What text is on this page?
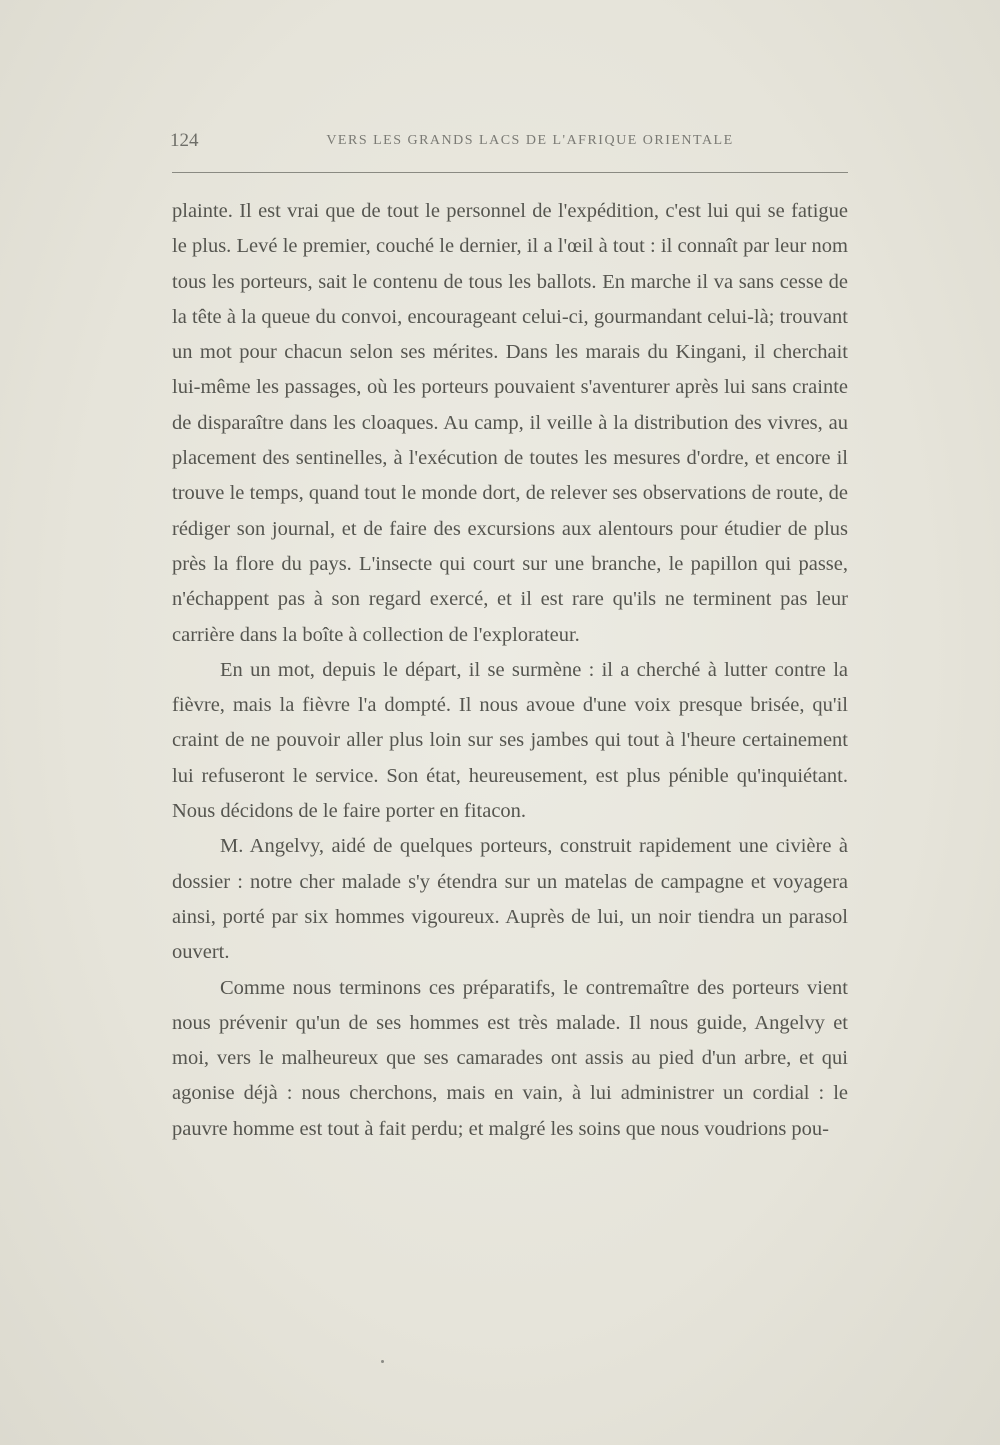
124	VERS LES GRANDS LACS DE L'AFRIQUE ORIENTALE

plainte. Il est vrai que de tout le personnel de l'expédition, c'est lui qui se fatigue le plus. Levé le premier, couché le dernier, il a l'œil à tout : il connaît par leur nom tous les porteurs, sait le contenu de tous les ballots. En marche il va sans cesse de la tête à la queue du convoi, encourageant celui-ci, gourmandant celui-là; trouvant un mot pour chacun selon ses mérites. Dans les marais du Kingani, il cherchait lui-même les passages, où les porteurs pouvaient s'aventurer après lui sans crainte de disparaître dans les cloaques. Au camp, il veille à la distribution des vivres, au placement des sentinelles, à l'exécution de toutes les mesures d'ordre, et encore il trouve le temps, quand tout le monde dort, de relever ses observations de route, de rédiger son journal, et de faire des excursions aux alentours pour étudier de plus près la flore du pays. L'insecte qui court sur une branche, le papillon qui passe, n'échappent pas à son regard exercé, et il est rare qu'ils ne terminent pas leur carrière dans la boîte à collection de l'explorateur.

En un mot, depuis le départ, il se surmène : il a cherché à lutter contre la fièvre, mais la fièvre l'a dompté. Il nous avoue d'une voix presque brisée, qu'il craint de ne pouvoir aller plus loin sur ses jambes qui tout à l'heure certainement lui refuseront le service. Son état, heureusement, est plus pénible qu'inquiétant. Nous décidons de le faire porter en fitacon.

M. Angelvy, aidé de quelques porteurs, construit rapidement une civière à dossier : notre cher malade s'y étendra sur un matelas de campagne et voyagera ainsi, porté par six hommes vigoureux. Auprès de lui, un noir tiendra un parasol ouvert.

Comme nous terminons ces préparatifs, le contremaître des porteurs vient nous prévenir qu'un de ses hommes est très malade. Il nous guide, Angelvy et moi, vers le malheureux que ses camarades ont assis au pied d'un arbre, et qui agonise déjà : nous cherchons, mais en vain, à lui administrer un cordial : le pauvre homme est tout à fait perdu; et malgré les soins que nous voudrions pou-
